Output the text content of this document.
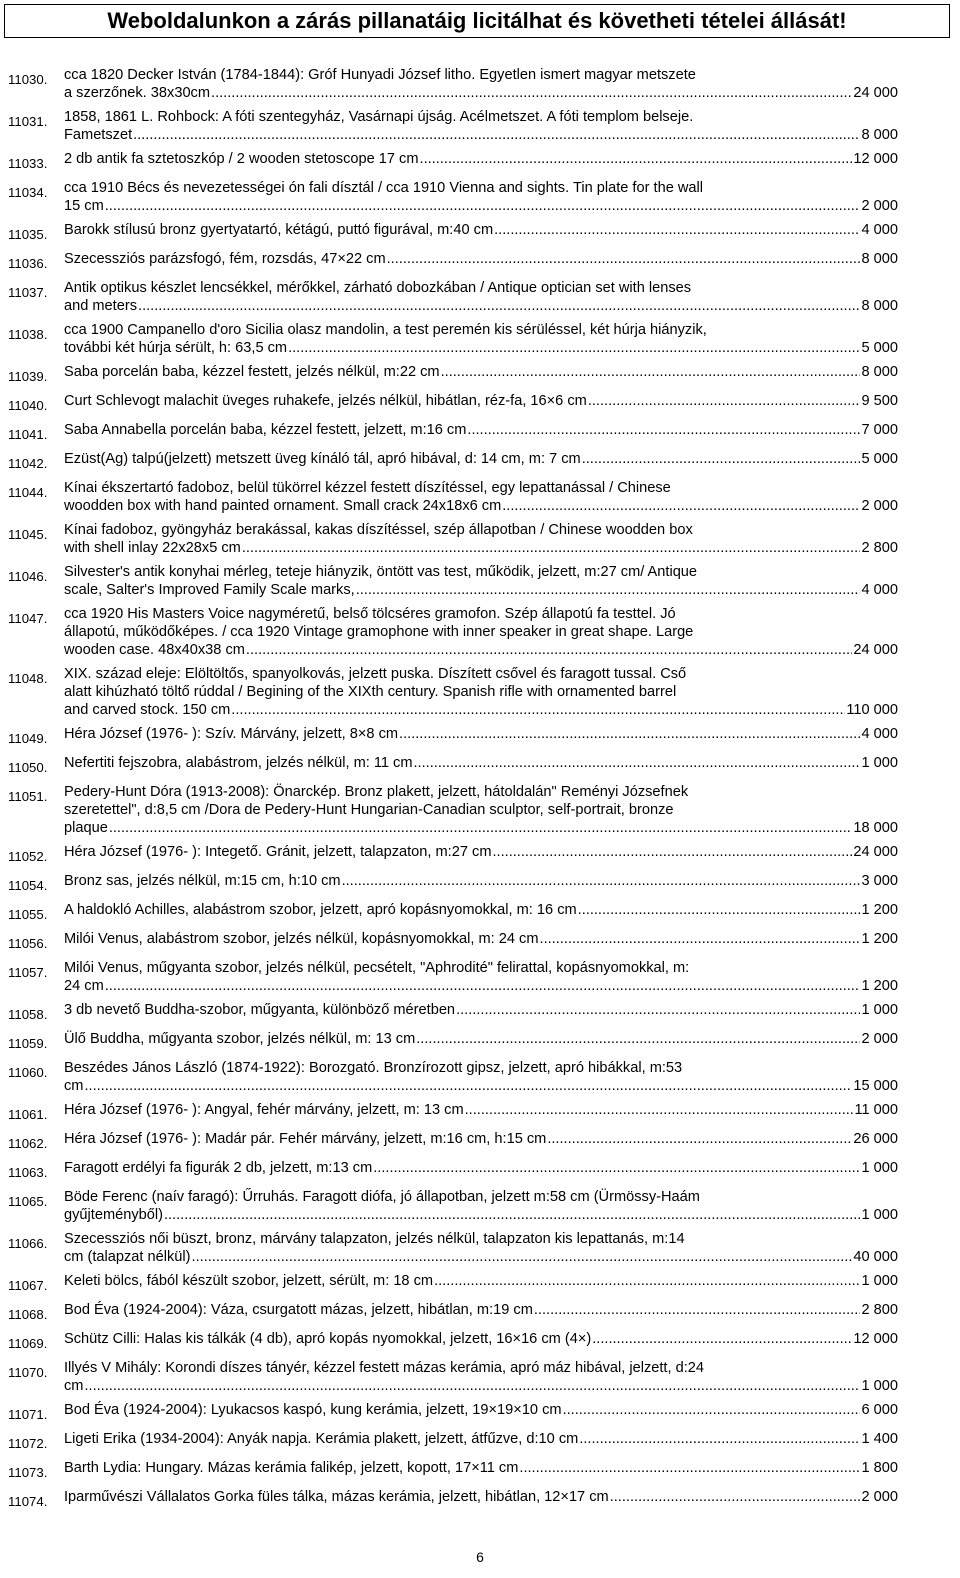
Weboldalunkon a zárás pillanatáig licitálhat és követheti tételei állását!
11030.	cca 1820 Decker István (1784-1844): Gróf Hunyadi József litho. Egyetlen ismert magyar metszete
a szerzőnek. 38x30cm .....	24 000
11031.	1858, 1861 L. Rohbock: A fóti szentegyház, Vasárnapi újság. Acélmetszet. A fóti templom belseje.
Fametszet .....	8 000
11033.	2 db antik fa sztetoszkóp / 2 wooden stetoscope 17 cm .....	12 000
11034.	cca 1910 Bécs és nevezetességei ón fali dísztál / cca 1910 Vienna and sights. Tin plate for the wall
15 cm .....	2 000
11035.	Barokk stílusú bronz gyertyatartó, kétágú, puttó figurával, m:40 cm .....	4 000
11036.	Szecessziós parázsfogó, fém, rozsdás, 47×22 cm .....	8 000
11037.	Antik optikus készlet lencsékkel, mérőkkel, zárható dobozkában / Antique optician set with lenses
and meters .....	8 000
11038.	cca 1900 Campanello d'oro Sicilia olasz mandolin, a test peremén kis sérüléssel, két húrja hiányzik,
további két húrja sérült, h: 63,5 cm .....	5 000
11039.	Saba porcelán baba, kézzel festett, jelzés nélkül, m:22 cm .....	8 000
11040.	Curt Schlevogt malachit üveges ruhakefe, jelzés nélkül, hibátlan, réz-fa, 16×6 cm .....	9 500
11041.	Saba Annabella porcelán baba, kézzel festett, jelzett, m:16 cm .....	7 000
11042.	Ezüst(Ag) talpú(jelzett) metszett üveg kínáló tál, apró hibával, d: 14 cm, m: 7 cm .....	5 000
11044.	Kínai ékszertartó fadoboz, belül tükörrel kézzel festett díszítéssel, egy lepattanással / Chinese
woodden box with hand painted ornament. Small crack 24x18x6 cm .....	2 000
11045.	Kínai fadoboz, gyöngyház berakással, kakas díszítéssel, szép állapotban / Chinese woodden box
with shell inlay 22x28x5 cm .....	2 800
11046.	Silvester's antik konyhai mérleg, teteje hiányzik, öntött vas test, működik, jelzett, m:27 cm/ Antique
scale, Salter's Improved Family Scale marks, .....	4 000
11047.	cca 1920 His Masters Voice nagyméretű, belső tölcséres gramofon. Szép állapotú fa testtel. Jó
állapotú, működőképes. / cca 1920 Vintage gramophone with inner speaker in great shape. Large
wooden case. 48x40x38 cm .....	24 000
11048.	XIX. század eleje: Elöltöltős, spanyolkovás, jelzett puska. Díszített csővel és faragott tussal. Cső
alatt kihúzható töltő rúddal / Begining of the XIXth century. Spanish rifle with ornamented barrel
and carved stock. 150 cm .....	110 000
11049.	Héra József (1976- ): Szív. Márvány, jelzett, 8×8 cm .....	4 000
11050.	Nefertiti fejszobra, alabástrom, jelzés nélkül, m: 11 cm .....	1 000
11051.	Pedery-Hunt Dóra (1913-2008): Önarckép. Bronz plakett, jelzett, hátoldalán" Reményi Józsefnek
szeretettel", d:8,5 cm /Dora de Pedery-Hunt Hungarian-Canadian sculptor, self-portrait, bronze
plaque .....	18 000
11052.	Héra József (1976- ): Integető. Gránit, jelzett, talapzaton, m:27 cm .....	24 000
11054.	Bronz sas, jelzés nélkül, m:15 cm, h:10 cm .....	3 000
11055.	A haldokló Achilles, alabástrom szobor, jelzett, apró kopásnyomokkal, m: 16 cm .....	1 200
11056.	Milói Venus, alabástrom szobor, jelzés nélkül, kopásnyomokkal, m: 24 cm .....	1 200
11057.	Milói Venus, műgyanta szobor, jelzés nélkül, pecsételt, "Aphrodité" felirattal, kopásnyomokkal, m:
24 cm .....	1 200
11058.	3 db nevető Buddha-szobor, műgyanta, különböző méretben .....	1 000
11059.	Ülő Buddha, műgyanta szobor, jelzés nélkül, m: 13 cm .....	2 000
11060.	Beszédes János László (1874-1922): Borozgató. Bronzírozott gipsz, jelzett, apró hibákkal, m:53
cm .....	15 000
11061.	Héra József (1976- ): Angyal, fehér márvány, jelzett, m: 13 cm .....	11 000
11062.	Héra József (1976- ): Madár pár. Fehér márvány, jelzett, m:16 cm, h:15 cm .....	26 000
11063.	Faragott erdélyi fa figurák 2 db, jelzett, m:13 cm .....	1 000
11065.	Böde Ferenc (naív faragó): Űrruhás. Faragott diófa, jó állapotban, jelzett m:58 cm (Ürmössy-Haám
gyűjteményből) .....	1 000
11066.	Szecessziós női büszt, bronz, márvány talapzaton, jelzés nélkül, talapzaton kis lepattanás, m:14
cm (talapzat nélkül) .....	40 000
11067.	Keleti bölcs, fából készült szobor, jelzett, sérült, m: 18 cm .....	1 000
11068.	Bod Éva (1924-2004): Váza, csurgatott mázas, jelzett, hibátlan, m:19 cm .....	2 800
11069.	Schütz Cilli: Halas kis tálkák (4 db), apró kopás nyomokkal, jelzett, 16×16 cm (4×) .....	12 000
11070.	Illyés V Mihály: Korondi díszes tányér, kézzel festett mázas kerámia, apró máz hibával, jelzett, d:24
cm .....	1 000
11071.	Bod Éva (1924-2004): Lyukacsos kaspó, kung kerámia, jelzett, 19×19×10 cm .....	6 000
11072.	Ligeti Erika (1934-2004): Anyák napja. Kerámia plakett, jelzett, átfűzve, d:10 cm .....	1 400
11073.	Barth Lydia: Hungary. Mázas kerámia falikép, jelzett, kopott, 17×11 cm .....	1 800
11074.	Iparművészi Vállalatos Gorka füles tálka, mázas kerámia, jelzett, hibátlan, 12×17 cm .....	2 000
6
